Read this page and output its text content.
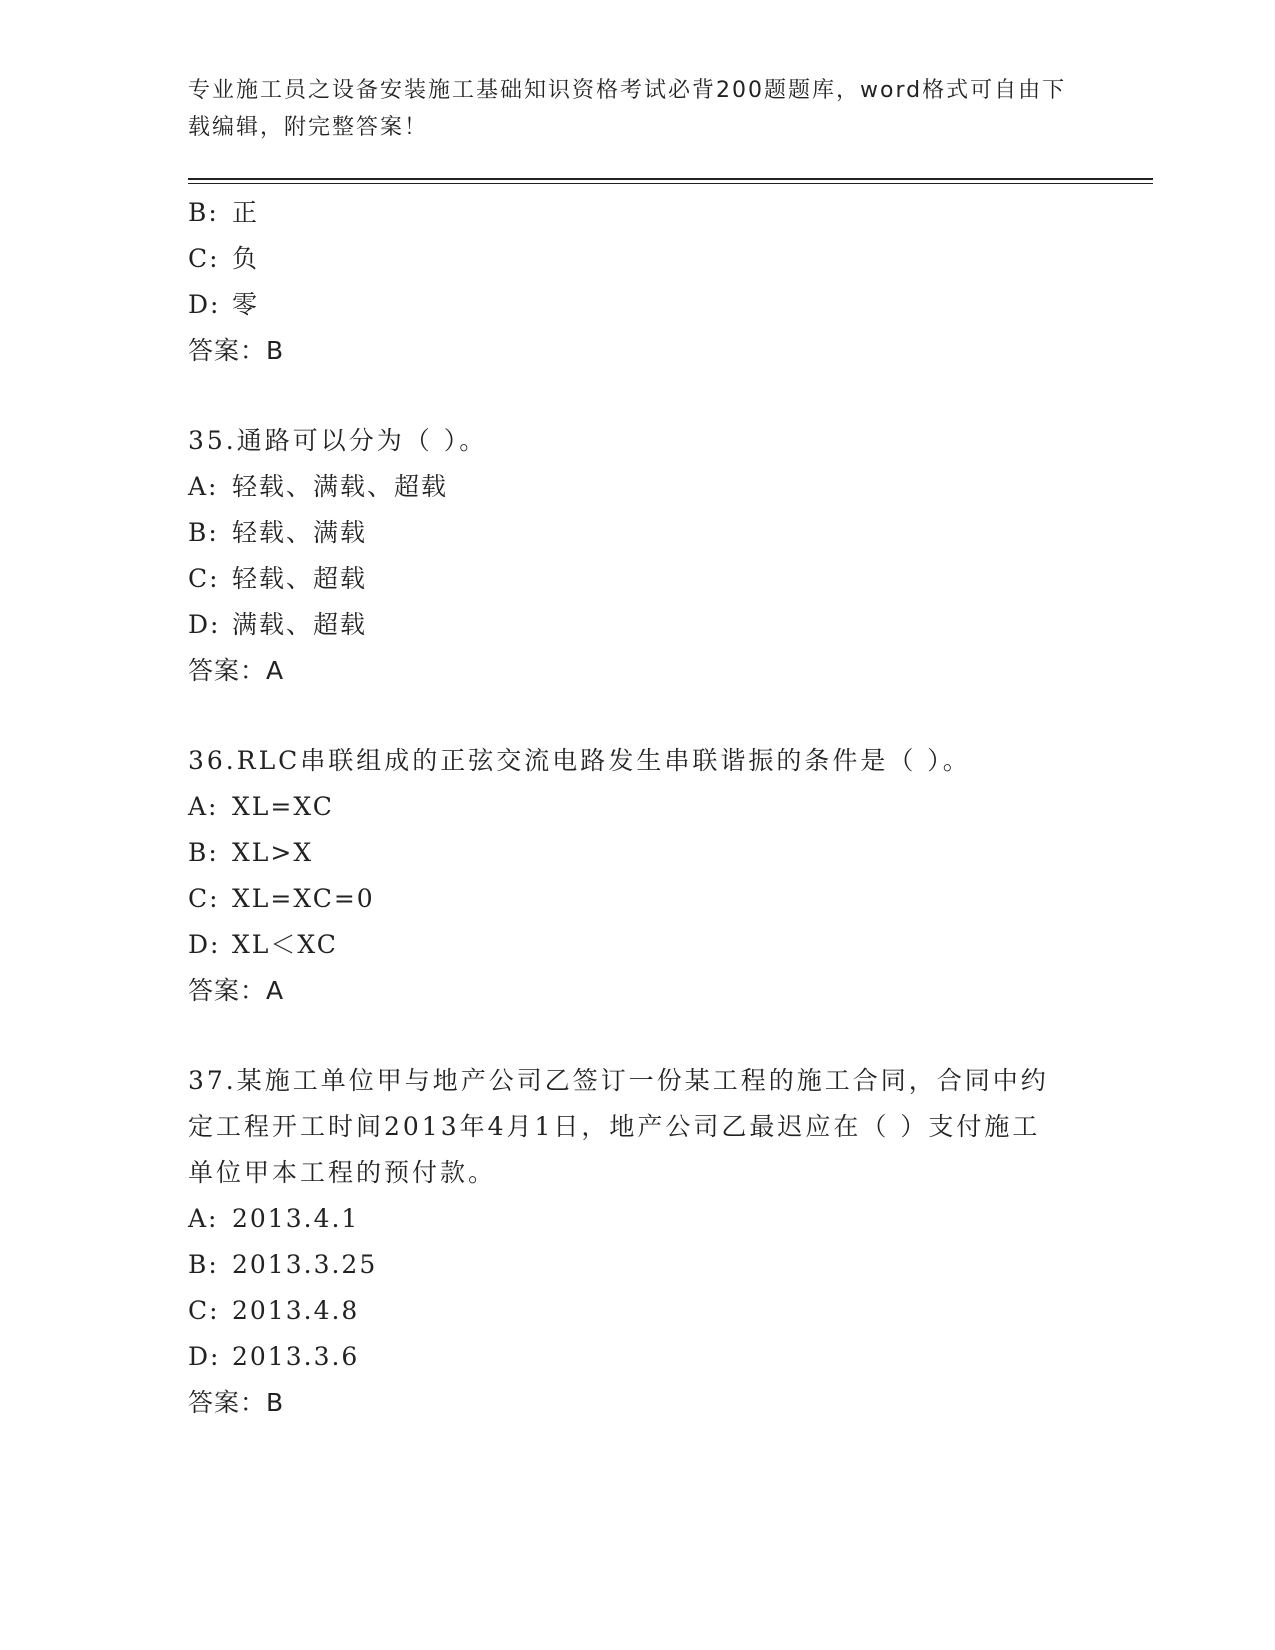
专业施工员之设备安装施工基础知识资格考试必背200题题库，word格式可自由下载编辑，附完整答案！

B: 正

C: 负

D: 零

答案：B

35.通路可以分为（ ）。

A: 轻载、满载、超载

B: 轻载、满载

C: 轻载、超载

D: 满载、超载

答案：A

36.RLC串联组成的正弦交流电路发生串联谐振的条件是（ ）。

A: XL=XC

B: XL>X

C: XL=XC=0

D: XL＜XC

答案：A

37.某施工单位甲与地产公司乙签订一份某工程的施工合同，合同中约定工程开工时间2013年4月1日，地产公司乙最迟应在（ ）支付施工单位甲本工程的预付款。

A: 2013.4.1

B: 2013.3.25

C: 2013.4.8

D: 2013.3.6

答案：B
